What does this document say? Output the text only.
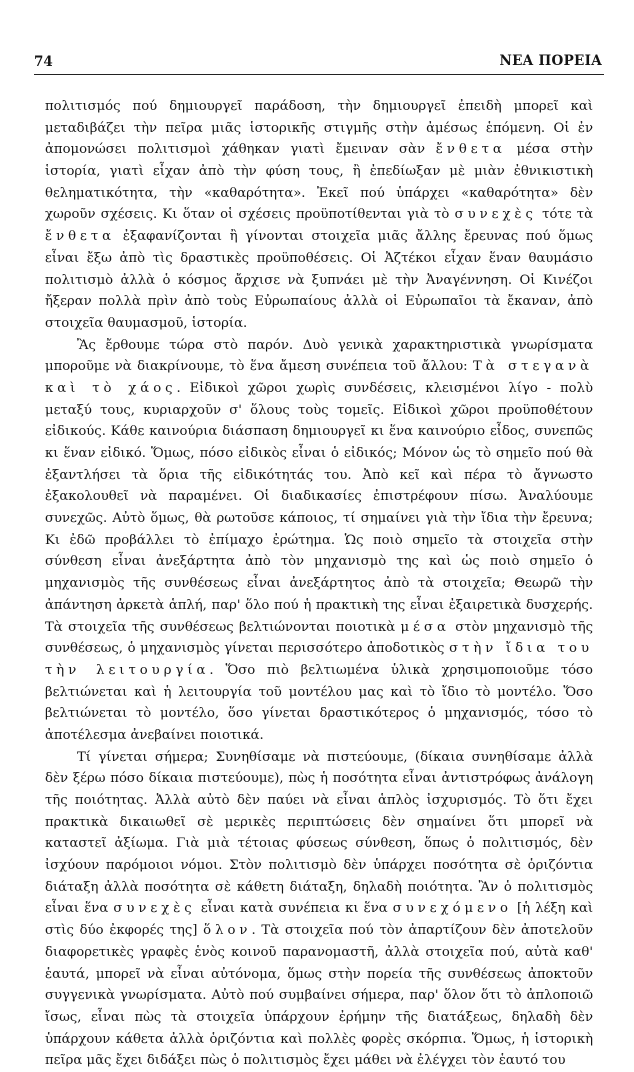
74	ΝΕΑ ΠΟΡΕΙΑ

πολιτισμός πού δημιουργεῖ παράδοση, τὴν δημιουργεῖ ἐπειδὴ μπορεῖ καὶ μεταδιβάζει τὴν πεῖρα μιᾶς ἱστορικῆς στιγμῆς στὴν ἀμέσως ἑπόμενη. Οἱ ἐν ἀπομονώσει πολιτισμοὶ χάθηκαν γιατὶ ἔμειναν σὰν ἔνθετα μέσα στὴν ἱστορία, γιατὶ εἶχαν ἀπὸ τὴν φύση τους, ἢ ἐπεδίωξαν μὲ μιὰν ἐθνικιστικὴ θεληματικότητα, τὴν «καθαρότητα». Ἐκεῖ πού ὑπάρχει «καθαρότητα» δὲν χωροῦν σχέσεις. Κι ὅταν οἱ σχέσεις προϋποτίθενται γιὰ τὸ συνεχὲς τότε τὰ ἔνθετα ἐξαφανίζονται ἢ γίνονται στοιχεῖα μιᾶς ἄλλης ἔρευνας πού ὅμως εἶναι ἔξω ἀπὸ τὶς δραστικὲς προϋποθέσεις. Οἱ Ἀζτέκοι εἶχαν ἕναν θαυμάσιο πολιτισμὸ ἀλλὰ ὁ κόσμος ἄρχισε νὰ ξυπνάει μὲ τὴν Ἀναγέννηση. Οἱ Κινέζοι ἤξεραν πολλὰ πρὶν ἀπὸ τοὺς Εὐρωπαίους ἀλλὰ οἱ Εὐρωπαῖοι τὰ ἔκαναν, ἀπὸ στοιχεῖα θαυμασμοῦ, ἱστορία.

Ἂς ἔρθουμε τώρα στὸ παρόν. Δυὸ γενικὰ χαρακτηριστικὰ γνωρίσματα μποροῦμε νὰ διακρίνουμε, τὸ ἕνα ἄμεση συνέπεια τοῦ ἄλλου: Τὰ στεγανὰ καὶ τὸ χάος. Εἰδικοὶ χῶροι χωρὶς συνδέσεις, κλεισμένοι λίγο - πολὺ μεταξύ τους, κυριαρχοῦν σ' ὅλους τοὺς τομεῖς. Εἰδικοὶ χῶροι προϋποθέτουν εἰδικούς. Κάθε καινούρια διάσπαση δημιουργεῖ κι ἕνα καινούριο εἶδος, συνεπῶς κι ἕναν εἰδικό. Ὅμως, πόσο εἰδικὸς εἶναι ὁ εἰδικός; Μόνον ὡς τὸ σημεῖο πού θὰ ἐξαντλήσει τὰ ὅρια τῆς εἰδικότητάς του. Ἀπὸ κεῖ καὶ πέρα τὸ ἄγνωστο ἐξακολουθεῖ νὰ παραμένει. Οἱ διαδικασίες ἐπιστρέφουν πίσω. Ἀναλύουμε συνεχῶς. Αὐτὸ ὅμως, θὰ ρωτοῦσε κάποιος, τί σημαίνει γιὰ τὴν ἴδια τὴν ἔρευνα; Κι ἐδῶ προβάλλει τὸ ἐπίμαχο ἐρώτημα. Ὡς ποιὸ σημεῖο τὰ στοιχεῖα στὴν σύνθεση εἶναι ἀνεξάρτητα ἀπὸ τὸν μηχανισμὸ της καὶ ὡς ποιὸ σημεῖο ὁ μηχανισμὸς τῆς συνθέσεως εἶναι ἀνεξάρτητος ἀπὸ τὰ στοιχεῖα; Θεωρῶ τὴν ἀπάντηση ἀρκετὰ ἁπλή, παρ' ὅλο πού ἡ πρακτικὴ της εἶναι ἐξαιρετικὰ δυσχερής. Τὰ στοιχεῖα τῆς συνθέσεως βελτιώνονται ποιοτικὰ μέσα στὸν μηχανισμὸ τῆς συνθέσεως, ὁ μηχανισμὸς γίνεται περισσότερο ἀποδοτικὸς στὴν ἴδια του τὴν λειτουργία. Ὅσο πιὸ βελτιωμένα ὑλικὰ χρησιμοποιοῦμε τόσο βελτιώνεται καὶ ἡ λειτουργία τοῦ μοντέλου μας καὶ τὸ ἴδιο τὸ μοντέλο. Ὅσο βελτιώνεται τὸ μοντέλο, ὅσο γίνεται δραστικότερος ὁ μηχανισμός, τόσο τὸ ἀποτέλεσμα ἀνεβαίνει ποιοτικά.

Τί γίνεται σήμερα; Συνηθίσαμε νὰ πιστεύουμε, (δίκαια συνηθίσαμε ἀλλὰ δὲν ξέρω πόσο δίκαια πιστεύουμε), πὼς ἡ ποσότητα εἶναι ἀντιστρόφως ἀνάλογη τῆς ποιότητας. Ἀλλὰ αὐτὸ δὲν παύει νὰ εἶναι ἁπλὸς ἰσχυρισμός. Τὸ ὅτι ἔχει πρακτικὰ δικαιωθεῖ σὲ μερικὲς περιπτώσεις δὲν σημαίνει ὅτι μπορεῖ νὰ καταστεῖ ἀξίωμα. Γιὰ μιὰ τέτοιας φύσεως σύνθεση, ὅπως ὁ πολιτισμός, δὲν ἰσχύουν παρόμοιοι νόμοι. Στὸν πολιτισμὸ δὲν ὑπάρχει ποσότητα σὲ ὁριζόντια διάταξη ἀλλὰ ποσότητα σὲ κάθετη διάταξη, δηλαδὴ ποιότητα. Ἂν ὁ πολιτισμὸς εἶναι ἕνα συνεχὲς εἶναι κατὰ συνέπεια κι ἕνα συνεχόμενο [ἡ λέξη καὶ στὶς δύο ἐκφορές της] ὅλον. Τὰ στοιχεῖα πού τὸν ἀπαρτίζουν δὲν ἀποτελοῦν διαφορετικὲς γραφὲς ἑνὸς κοινοῦ παρανομαστῆ, ἀλλὰ στοιχεῖα πού, αὐτὰ καθ' ἑαυτά, μπορεῖ νὰ εἶναι αὐτόνομα, ὅμως στὴν πορεία τῆς συνθέσεως ἀποκτοῦν συγγενικὰ γνωρίσματα. Αὐτὸ πού συμβαίνει σήμερα, παρ' ὅλον ὅτι τὸ ἀπλοποιῶ ἴσως, εἶναι πὼς τὰ στοιχεῖα ὑπάρχουν ἐρήμην τῆς διατάξεως, δηλαδὴ δὲν ὑπάρχουν κάθετα ἀλλὰ ὁριζόντια καὶ πολλὲς φορὲς σκόρπια. Ὅμως, ἡ ἱστορικὴ πεῖρα μᾶς ἔχει διδάξει πὼς ὁ πολιτισμὸς ἔχει μάθει νὰ ἐλέγχει τὸν ἑαυτό του
